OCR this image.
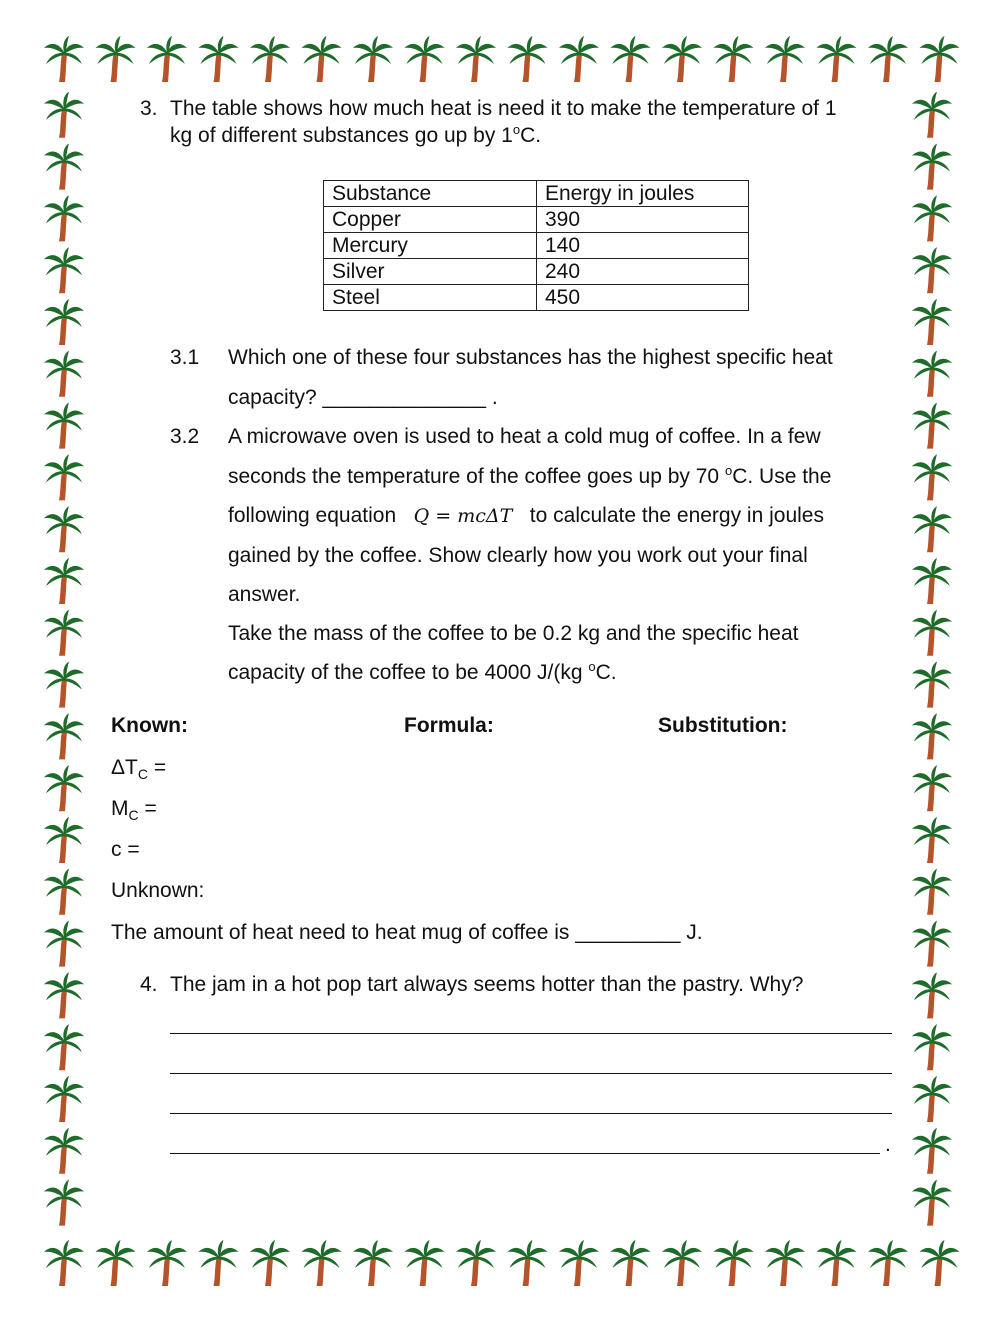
3. The table shows how much heat is need it to make the temperature of 1
kg of different substances go up by 1$^o$C.
Substance	Energy in joules
Copper	390
Mercury	140
Silver	240
Steel	450
3.1 Which one of these four substances has the highest specific heat
capacity? ______________ .
3.2 A microwave oven is used to heat a cold mug of coffee. In a few
seconds the temperature of the coffee goes up by 70 $^o$C. Use the
following equation Q = mcΔT to calculate the energy in joules
gained by the coffee. Show clearly how you work out your final
answer.
Take the mass of the coffee to be 0.2 kg and the specific heat
capacity of the coffee to be 4000 J/(kg $^o$C.
Known:	Formula:	Substitution:
$\Delta T_C$ =
$M_C$ =
c =
Unknown:
The amount of heat need to heat mug of coffee is _________ J.
4. The jam in a hot pop tart always seems hotter than the pastry. Why?
.
